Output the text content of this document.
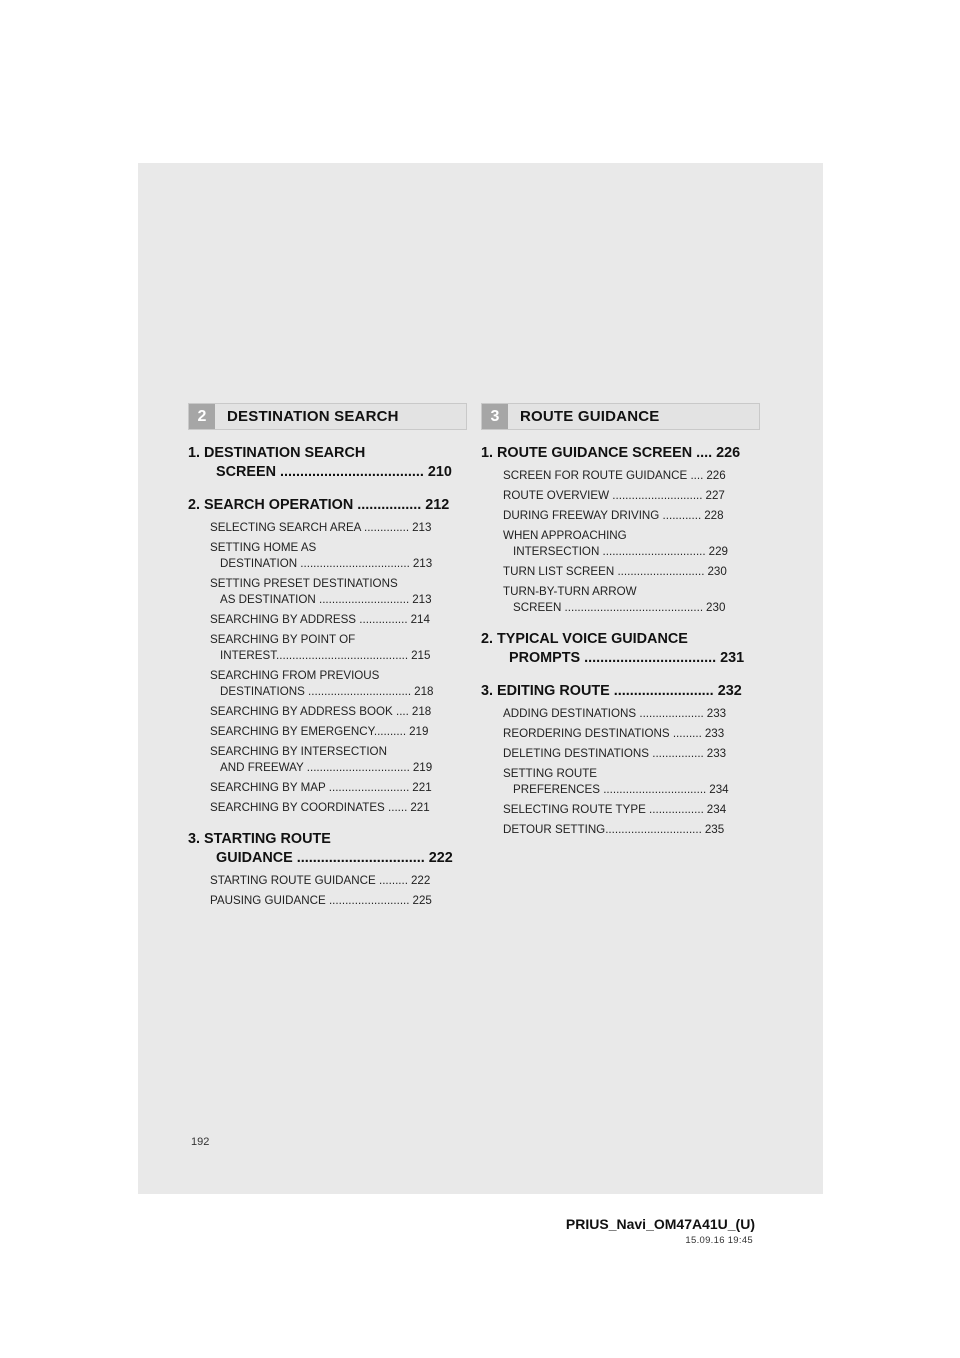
2	DESTINATION SEARCH	3	ROUTE GUIDANCE
1. DESTINATION SEARCH
SCREEN .................................... 210
2. SEARCH OPERATION ................ 212
SELECTING SEARCH AREA .............. 213
SETTING HOME AS
DESTINATION .................................. 213
SETTING PRESET DESTINATIONS
AS DESTINATION ............................ 213
SEARCHING BY ADDRESS ............... 214
SEARCHING BY POINT OF
INTEREST......................................... 215
SEARCHING FROM PREVIOUS
DESTINATIONS ................................ 218
SEARCHING BY ADDRESS BOOK .... 218
SEARCHING BY EMERGENCY.......... 219
SEARCHING BY INTERSECTION
AND FREEWAY ................................ 219
SEARCHING BY MAP ......................... 221
SEARCHING BY COORDINATES ...... 221
3. STARTING ROUTE
GUIDANCE ................................ 222
STARTING ROUTE GUIDANCE ......... 222
PAUSING GUIDANCE ......................... 225
1. ROUTE GUIDANCE SCREEN .... 226
SCREEN FOR ROUTE GUIDANCE .... 226
ROUTE OVERVIEW ............................ 227
DURING FREEWAY DRIVING ............ 228
WHEN APPROACHING
INTERSECTION ................................ 229
TURN LIST SCREEN ........................... 230
TURN-BY-TURN ARROW
SCREEN ........................................... 230
2. TYPICAL VOICE GUIDANCE
PROMPTS ................................. 231
3. EDITING ROUTE ......................... 232
ADDING DESTINATIONS .................... 233
REORDERING DESTINATIONS ......... 233
DELETING DESTINATIONS ................ 233
SETTING ROUTE
PREFERENCES ................................ 234
SELECTING ROUTE TYPE ................. 234
DETOUR SETTING.............................. 235
192
PRIUS_Navi_OM47A41U_(U)
15.09.16 19:45
